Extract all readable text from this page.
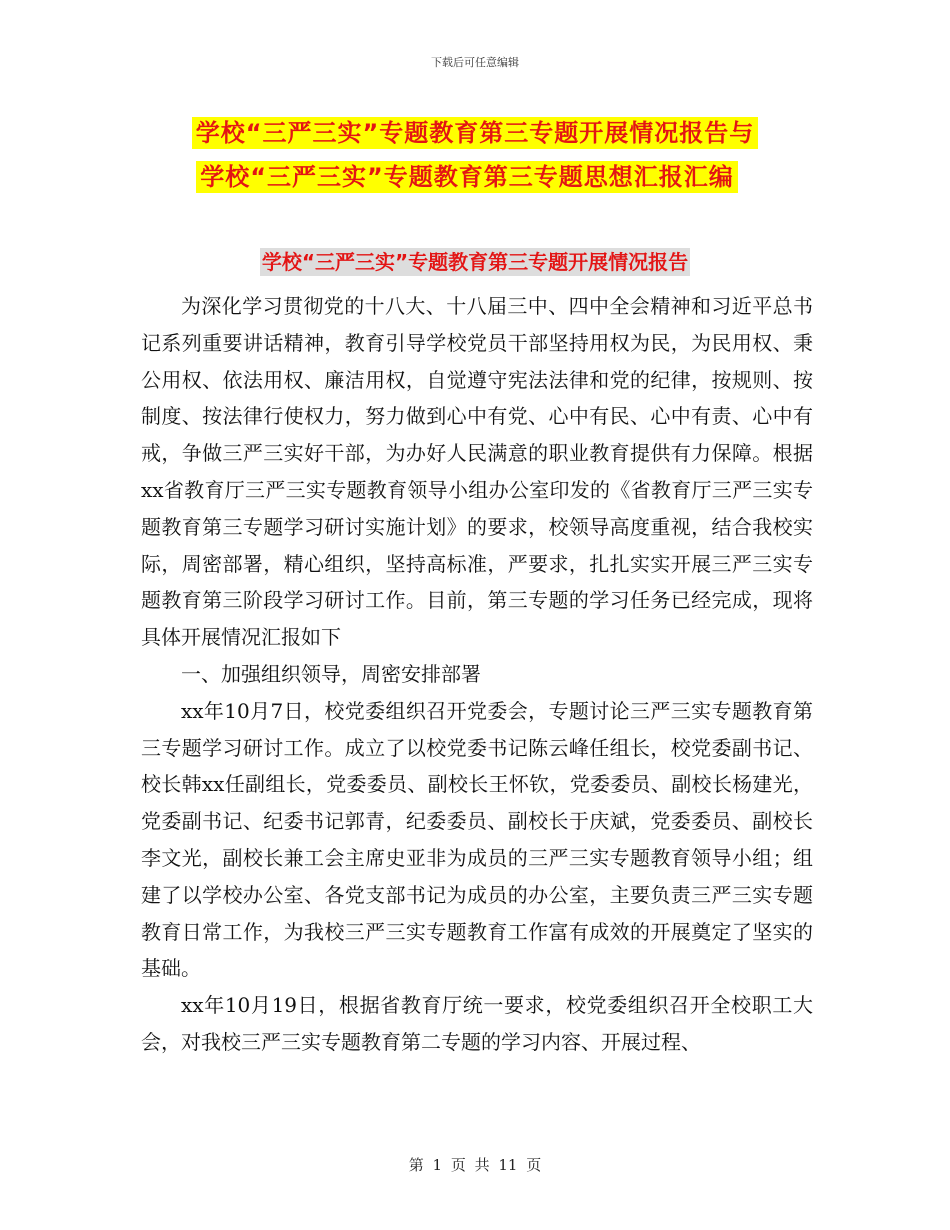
下载后可任意编辑
学校“三严三实”专题教育第三专题开展情况报告与
学校“三严三实”专题教育第三专题思想汇报汇编
学校“三严三实”专题教育第三专题开展情况报告

为深化学习贯彻党的十八大、十八届三中、四中全会精神和习近平总书记系列重要讲话精神，教育引导学校党员干部坚持用权为民，为民用权、秉公用权、依法用权、廉洁用权，自觉遵守宪法法律和党的纪律，按规则、按制度、按法律行使权力，努力做到心中有党、心中有民、心中有责、心中有戒，争做三严三实好干部，为办好人民满意的职业教育提供有力保障。根据xx省教育厅三严三实专题教育领导小组办公室印发的《省教育厅三严三实专题教育第三专题学习研讨实施计划》的要求，校领导高度重视，结合我校实际，周密部署，精心组织，坚持高标准，严要求，扎扎实实开展三严三实专题教育第三阶段学习研讨工作。目前，第三专题的学习任务已经完成，现将具体开展情况汇报如下

一、加强组织领导，周密安排部署

xx年10月7日，校党委组织召开党委会，专题讨论三严三实专题教育第三专题学习研讨工作。成立了以校党委书记陈云峰任组长，校党委副书记、校长韩xx任副组长，党委委员、副校长王怀钦，党委委员、副校长杨建光，党委副书记、纪委书记郭青，纪委委员、副校长于庆斌，党委委员、副校长李文光，副校长兼工会主席史亚非为成员的三严三实专题教育领导小组；组建了以学校办公室、各党支部书记为成员的办公室，主要负责三严三实专题教育日常工作，为我校三严三实专题教育工作富有成效的开展奠定了坚实的基础。

xx年10月19日，根据省教育厅统一要求，校党委组织召开全校职工大会，对我校三严三实专题教育第二专题的学习内容、开展过程、

第 1 页 共 11 页
